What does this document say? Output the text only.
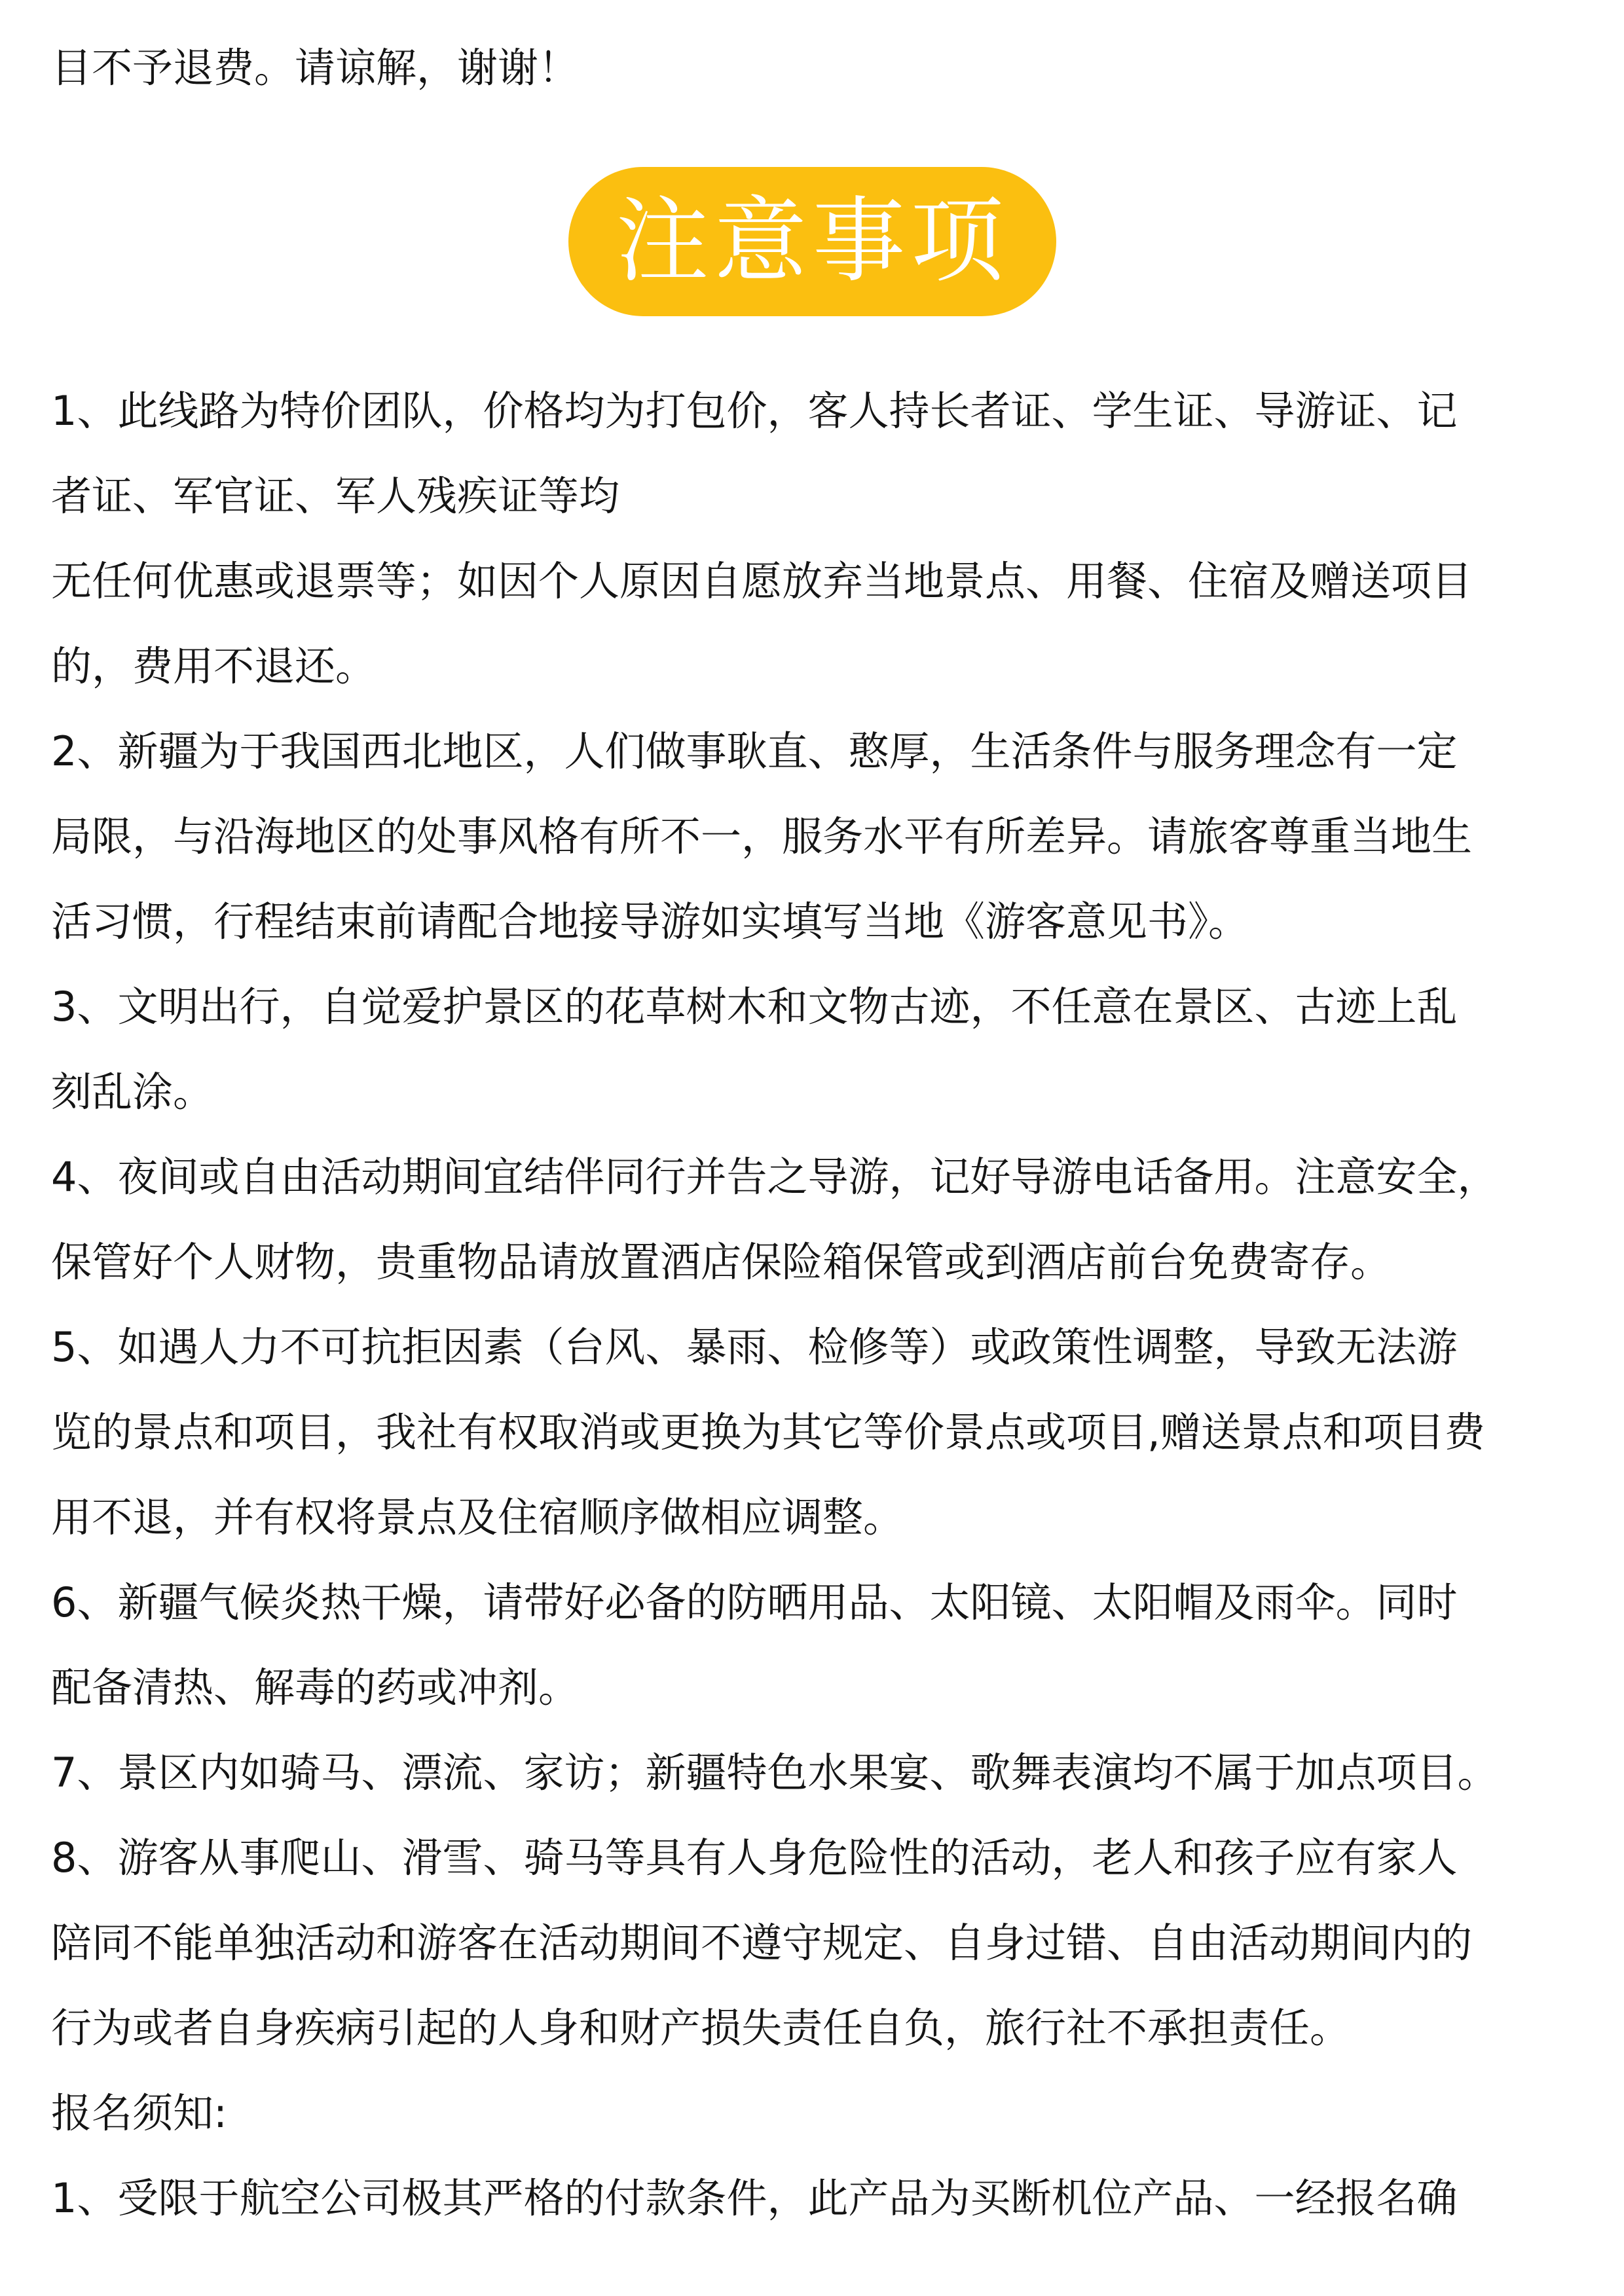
目不予退费。请谅解，谢谢！
注意事项
1、此线路为特价团队，价格均为打包价，客人持长者证、学生证、导游证、记
者证、军官证、军人残疾证等均
无任何优惠或退票等；如因个人原因自愿放弃当地景点、用餐、住宿及赠送项目
的，费用不退还。
2、新疆为于我国西北地区，人们做事耿直、憨厚，生活条件与服务理念有一定
局限，与沿海地区的处事风格有所不一，服务水平有所差异。请旅客尊重当地生
活习惯，行程结束前请配合地接导游如实填写当地《游客意见书》。
3、文明出行，自觉爱护景区的花草树木和文物古迹，不任意在景区、古迹上乱
刻乱涂。
4、夜间或自由活动期间宜结伴同行并告之导游，记好导游电话备用。注意安全，
保管好个人财物，贵重物品请放置酒店保险箱保管或到酒店前台免费寄存。
5、如遇人力不可抗拒因素（台风、暴雨、检修等）或政策性调整，导致无法游
览的景点和项目，我社有权取消或更换为其它等价景点或项目,赠送景点和项目费
用不退，并有权将景点及住宿顺序做相应调整。
6、新疆气候炎热干燥，请带好必备的防晒用品、太阳镜、太阳帽及雨伞。同时
配备清热、解毒的药或冲剂。
7、景区内如骑马、漂流、家访；新疆特色水果宴、歌舞表演均不属于加点项目。
8、游客从事爬山、滑雪、骑马等具有人身危险性的活动，老人和孩子应有家人
陪同不能单独活动和游客在活动期间不遵守规定、自身过错、自由活动期间内的
行为或者自身疾病引起的人身和财产损失责任自负，旅行社不承担责任。
报名须知:
1、受限于航空公司极其严格的付款条件，此产品为买断机位产品、一经报名确
